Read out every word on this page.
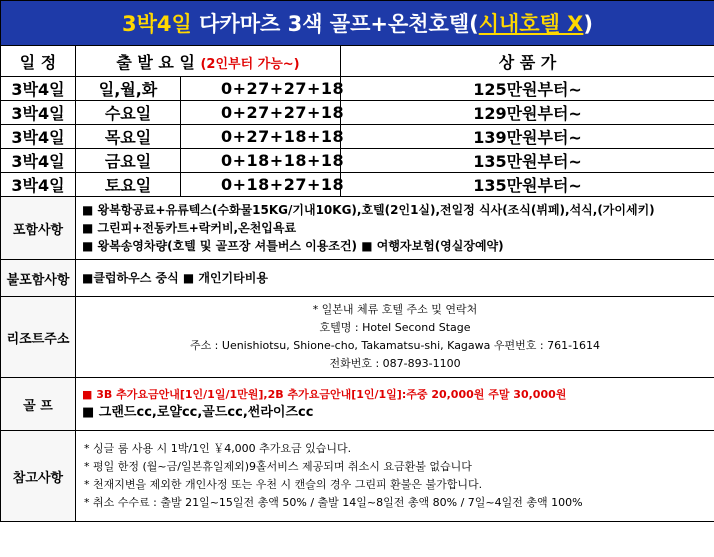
3박4일 다카마츠 3색 골프+온천호텔(시내호텔 X)			
일 정	출 발 요 일 (2인부터 가능~)		상 품 가
3박4일	일,월,화	0+27+27+18	125만원부터~
3박4일	수요일	0+27+27+18	129만원부터~
3박4일	목요일	0+27+18+18	139만원부터~
3박4일	금요일	0+18+18+18	135만원부터~
3박4일	토요일	0+18+27+18	135만원부터~
포함사항	■ 왕복항공료+유류텍스(수화물15KG/기내10KG),호텔(2인1실),전일정 식사(조식(뷔페),석식,(가이세키)
■ 그린피+전동카트+락커비,온천입욕료
■ 왕복송영차량(호텔 및 골프장 셔틀버스 이용조건) ■ 여행자보험(영실장예약)		

불포함사항	■클럽하우스 중식 ■ 개인기타비용		
리조트주소	* 일본내 체류 호텔 주소 및 연락처
호텔명 : Hotel Second Stage
주소 : Uenishiotsu, Shione-cho, Takamatsu-shi, Kagawa 우편번호 : 761-1614
전화번호 : 087-893-1100		

골 프	■ 3B 추가요금안내[1인/1일/1만원],2B 추가요금안내[1인/1일]:주중 20,000원 주말 30,000원
■ 그랜드cc,로얄cc,골드cc,썬라이즈cc		

참고사항	* 싱글 룸 사용 시 1박/1인 ￥4,000 추가요금 있습니다.
* 평일 한정 (월~금/일본휴일제외)9홀서비스 제공되며 취소시 요금환불 없습니다
* 천재지변을 제외한 개인사정 또는 우천 시 캔슬의 경우 그린피 환불은 불가합니다.
* 취소 수수료 : 출발 21일~15일전 총액 50% / 출발 14일~8일전 총액 80% / 7일~4일전 총액 100%		
